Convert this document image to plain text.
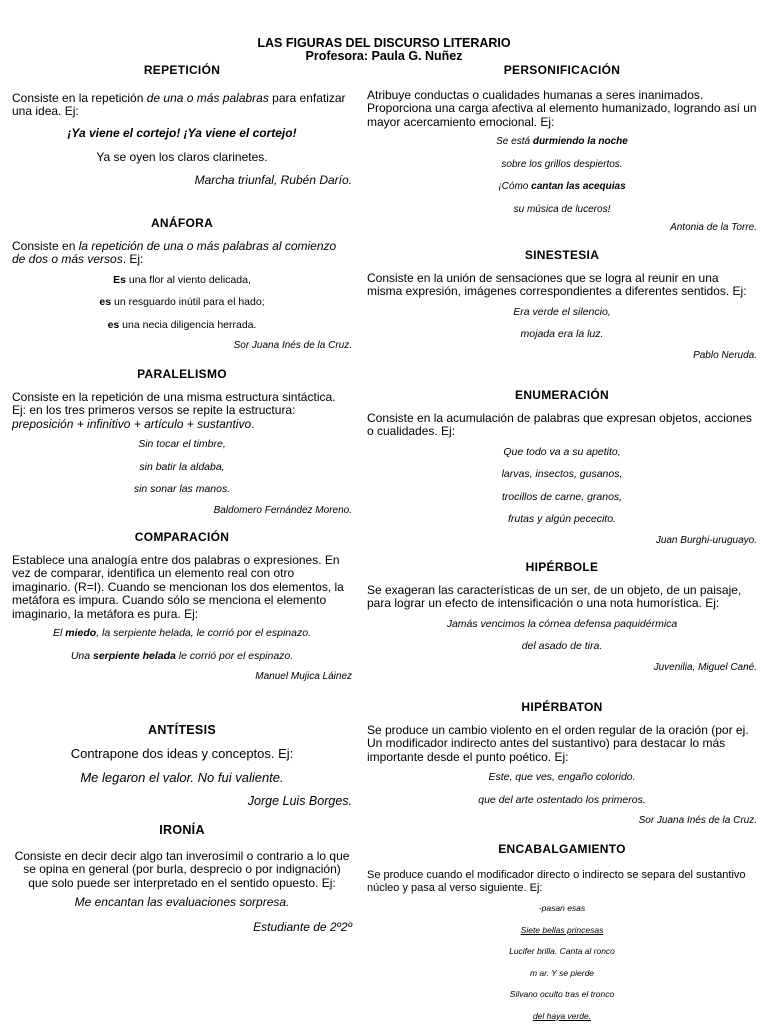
LAS FIGURAS DEL DISCURSO LITERARIO
Profesora: Paula G. Nuñez
REPETICIÓN

Consiste en la repetición de una o más palabras para enfatizar una idea. Ej:

¡Ya viene el cortejo! ¡Ya viene el cortejo!

Ya se oyen los claros clarinetes.

Marcha triunfal, Rubén Darío.

ANÁFORA

Consiste en la repetición de una o más palabras al comienzo de dos o más versos. Ej:

Es una flor al viento delicada,

es un resguardo inútil para el hado;

es una necia diligencia herrada.

Sor Juana Inés de la Cruz.

PARALELISMO

Consiste en la repetición de una misma estructura sintáctica. Ej: en los tres primeros versos se repite la estructura: preposición + infinitivo + artículo + sustantivo.

Sin tocar el timbre,

sin batir la aldaba,

sin sonar las manos.

Baldomero Fernández Moreno.

COMPARACIÓN

Establece una analogía entre dos palabras o expresiones. En vez de comparar, identifica un elemento real con otro imaginario. (R=I). Cuando se mencionan los dos elementos, la metáfora es impura. Cuando sólo se menciona el elemento imaginario, la metáfora es pura. Ej:

El miedo, la serpiente helada, le corrió por el espinazo.

Una serpiente helada le corrió por el espinazo.

Manuel Mujica Láinez

ANTÍTESIS

Contrapone dos ideas y conceptos. Ej:

Me legaron el valor. No fui valiente.

Jorge Luis Borges.

IRONÍA

Consiste en decir decir algo tan inverosímil o contrario a lo que se opina en general (por burla, desprecio o por indignación) que solo puede ser interpretado en el sentido opuesto. Ej:

Me encantan las evaluaciones sorpresa.

Estudiante de 2º2º

PERSONIFICACIÓN

Atribuye conductas o cualidades humanas a seres inanimados. Proporciona una carga afectiva al elemento humanizado, logrando así un mayor acercamiento emocional. Ej:

Se está durmiendo la noche

sobre los grillos despiertos.

¡Cómo cantan las acequias

su música de luceros!

Antonia de la Torre.

SINESTESIA

Consiste en la unión de sensaciones que se logra al reunir en una misma expresión, imágenes correspondientes a diferentes sentidos. Ej:

Era verde el silencio,

mojada era la luz.

Pablo Neruda.

ENUMERACIÓN

Consiste en la acumulación de palabras que expresan objetos, acciones o cualidades. Ej:

Que todo va a su apetito,

larvas, insectos, gusanos,

trocillos de carne, granos,

frutas y algún pececito.

Juan Burghi-uruguayo.

HIPÉRBOLE

Se exageran las características de un ser, de un objeto, de un paisaje, para lograr un efecto de intensificación o una nota humorística. Ej:

Jamás vencimos la córnea defensa paquidérmica

del asado de tira.

Juvenilia, Miguel Cané.

HIPÉRBATON

Se produce un cambio violento en el orden regular de la oración (por ej. Un modificador indirecto antes del sustantivo) para destacar lo más importante desde el punto poético. Ej:

Este, que ves, engaño colorido.

que del arte ostentado los primeros.

Sor Juana Inés de la Cruz.

ENCABALGAMIENTO

Se produce cuando el modificador directo o indirecto se separa del sustantivo núcleo y pasa al verso siguiente. Ej:

-pasan esas

Siete bellas princesas

Lucifer brilla. Canta al ronco

m ar. Y se pierde

Silvano oculto tras el tronco

del haya verde.
